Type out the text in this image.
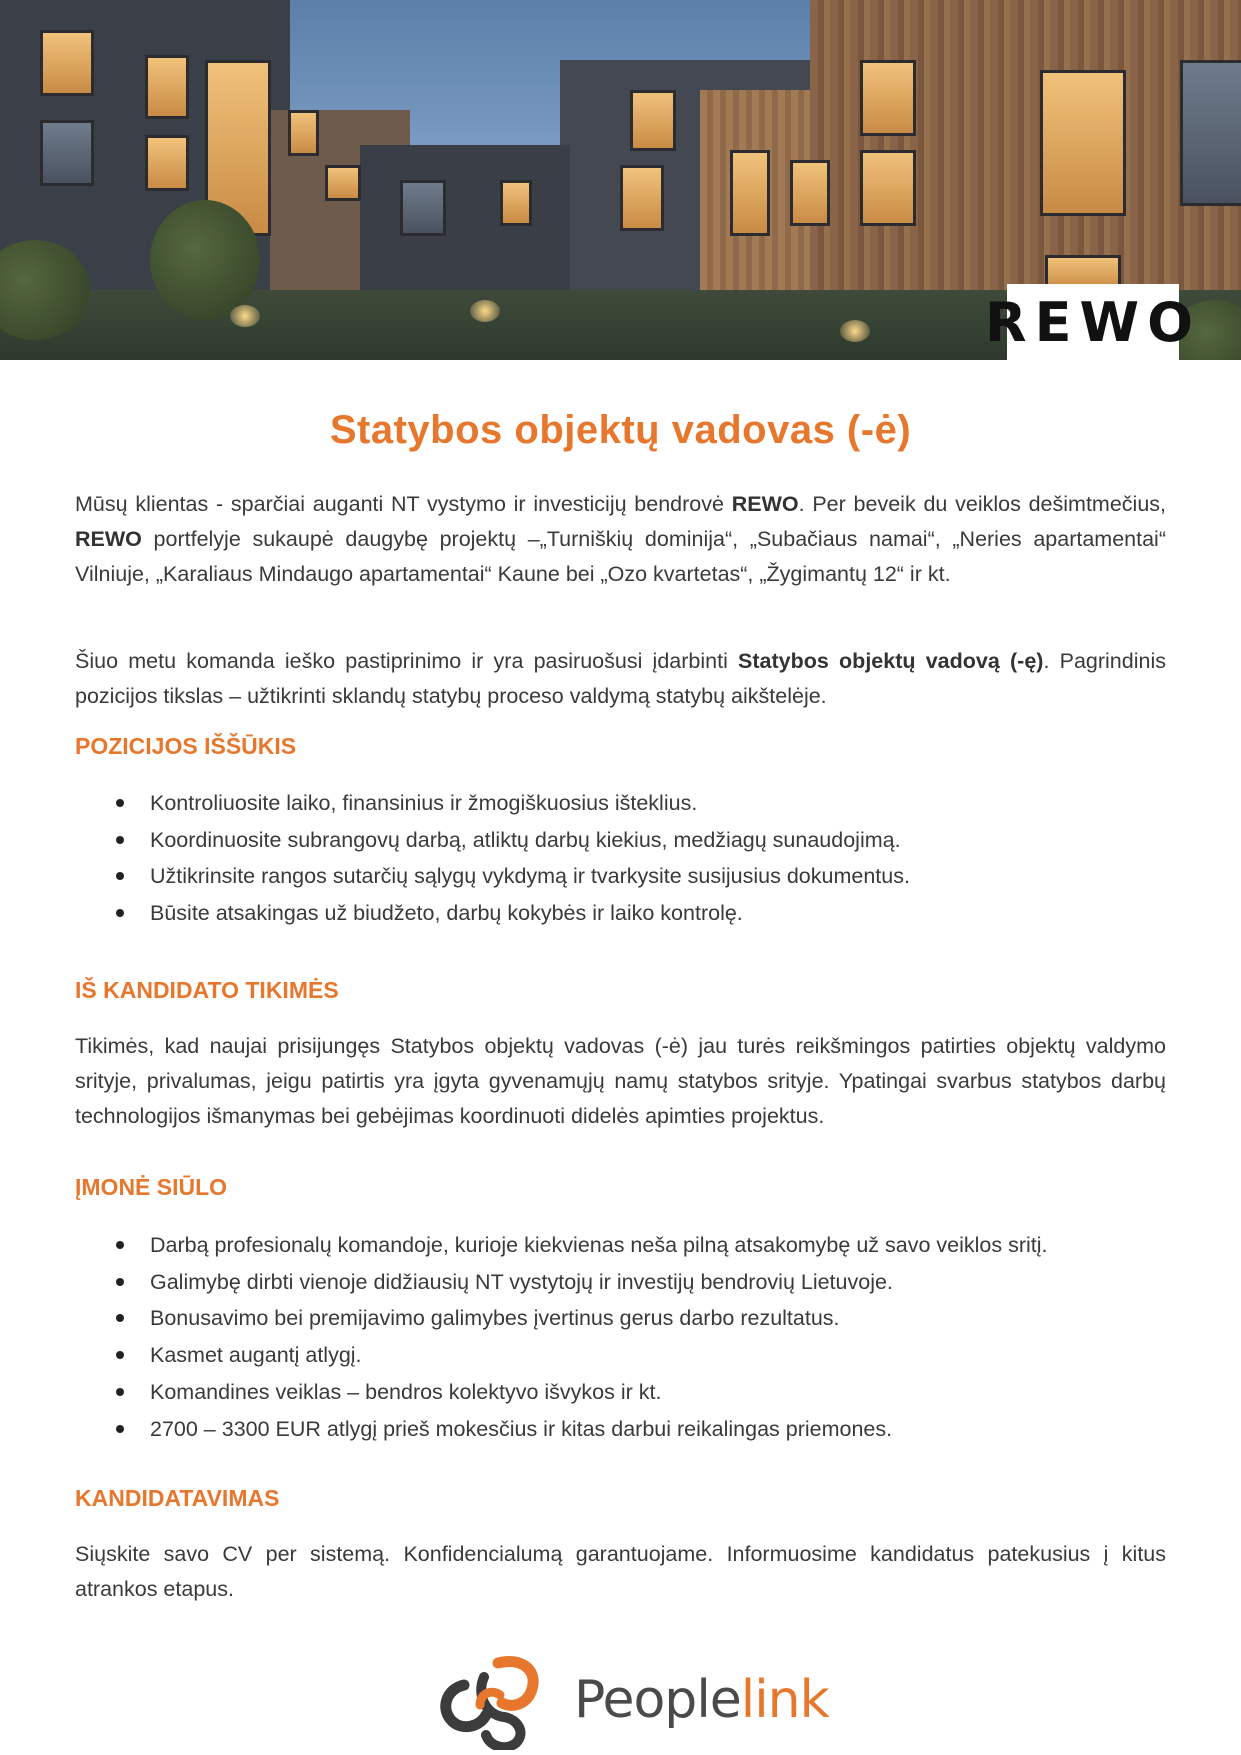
REWO
Statybos objektų vadovas (-ė)

Mūsų klientas - sparčiai auganti NT vystymo ir investicijų bendrovė REWO. Per beveik du veiklos dešimtmečius, REWO portfelyje sukaupė daugybę projektų –„Turniškių dominija“, „Subačiaus namai“, „Neries apartamentai“ Vilniuje, „Karaliaus Mindaugo apartamentai“ Kaune bei „Ozo kvartetas“, „Žygimantų 12“ ir kt.

Šiuo metu komanda ieško pastiprinimo ir yra pasiruošusi įdarbinti Statybos objektų vadovą (-ę). Pagrindinis pozicijos tikslas – užtikrinti sklandų statybų proceso valdymą statybų aikštelėje.

POZICIJOS IŠŠŪKIS
Kontroliuosite laiko, finansinius ir žmogiškuosius išteklius.
Koordinuosite subrangovų darbą, atliktų darbų kiekius, medžiagų sunaudojimą.
Užtikrinsite rangos sutarčių sąlygų vykdymą ir tvarkysite susijusius dokumentus.
Būsite atsakingas už biudžeto, darbų kokybės ir laiko kontrolę.
IŠ KANDIDATO TIKIMĖS

Tikimės, kad naujai prisijungęs Statybos objektų vadovas (-ė) jau turės reikšmingos patirties objektų valdymo srityje, privalumas, jeigu patirtis yra įgyta gyvenamųjų namų statybos srityje. Ypatingai svarbus statybos darbų technologijos išmanymas bei gebėjimas koordinuoti didelės apimties projektus.

ĮMONĖ SIŪLO
Darbą profesionalų komandoje, kurioje kiekvienas neša pilną atsakomybę už savo veiklos sritį.
Galimybę dirbti vienoje didžiausių NT vystytojų ir investijų bendrovių Lietuvoje.
Bonusavimo bei premijavimo galimybes įvertinus gerus darbo rezultatus.
Kasmet augantį atlygį.
Komandines veiklas – bendros kolektyvo išvykos ir kt.
2700 – 3300 EUR atlygį prieš mokesčius ir kitas darbui reikalingas priemones.
KANDIDATAVIMAS

Siųskite savo CV per sistemą. Konfidencialumą garantuojame. Informuosime kandidatus patekusius į kitus atrankos etapus.

Peoplelink
